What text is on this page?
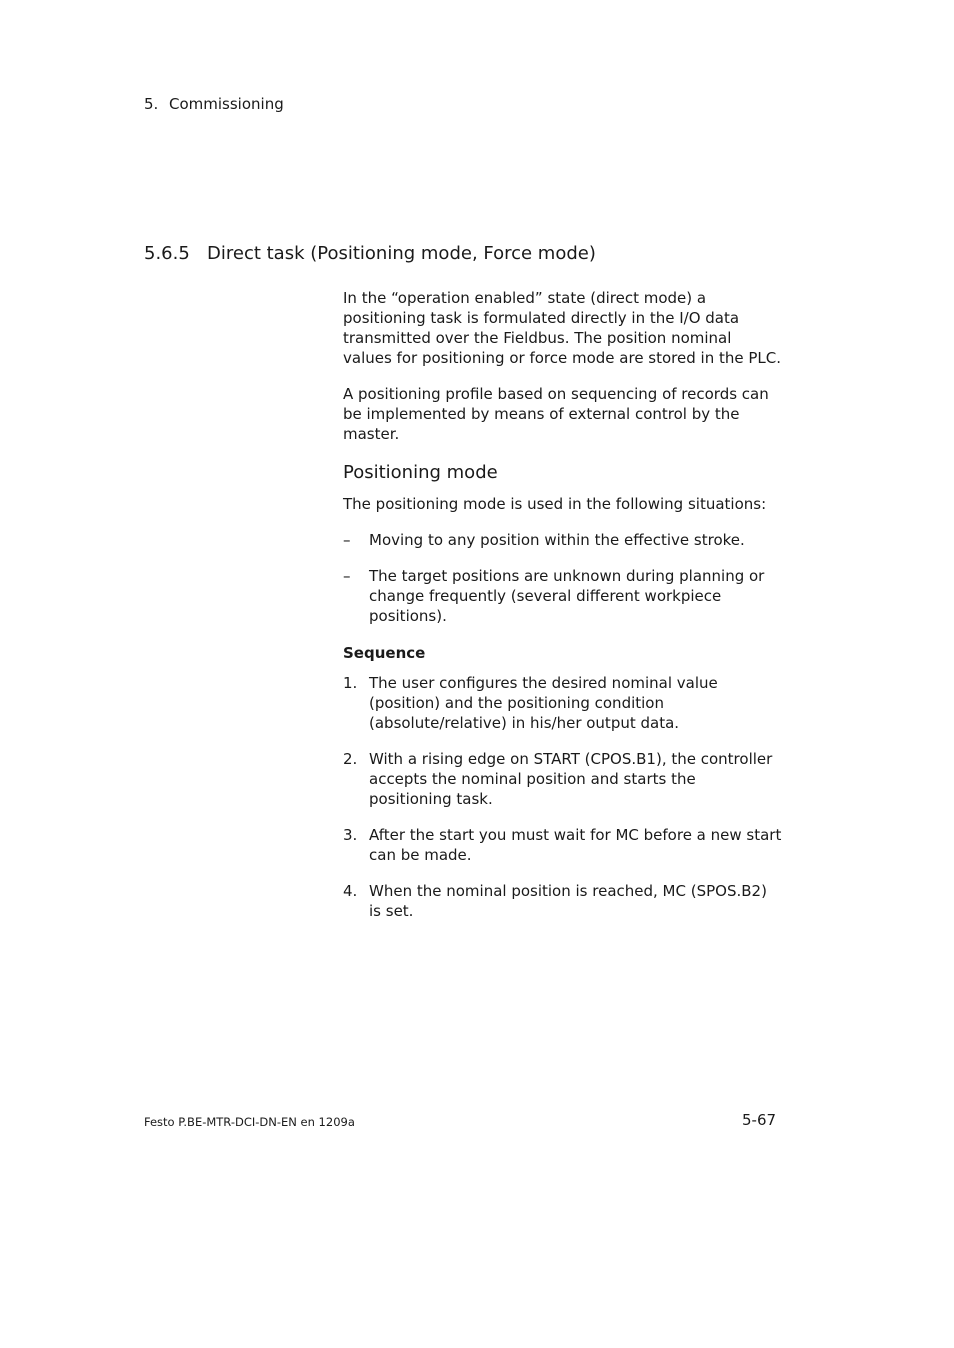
5. Commissioning
5.6.5 Direct task (Positioning mode, Force mode)

In the “operation enabled” state (direct mode) a positioning task is formulated directly in the I/O data transmitted over the Fieldbus. The position nominal values for positioning or force mode are stored in the PLC.

A positioning profile based on sequencing of records can be implemented by means of external control by the master.

Positioning mode
The positioning mode is used in the following situations:
– Moving to any position within the effective stroke.
– The target positions are unknown during planning or change frequently (several different workpiece positions).
Sequence
1. The user configures the desired nominal value (position) and the positioning condition (absolute/relative) in his/her output data.
2. With a rising edge on START (CPOS.B1), the controller accepts the nominal position and starts the positioning task.
3. After the start you must wait for MC before a new start can be made.
4. When the nominal position is reached, MC (SPOS.B2) is set.
Festo P.BE-MTR-DCI-DN-EN en 1209a	5-67
